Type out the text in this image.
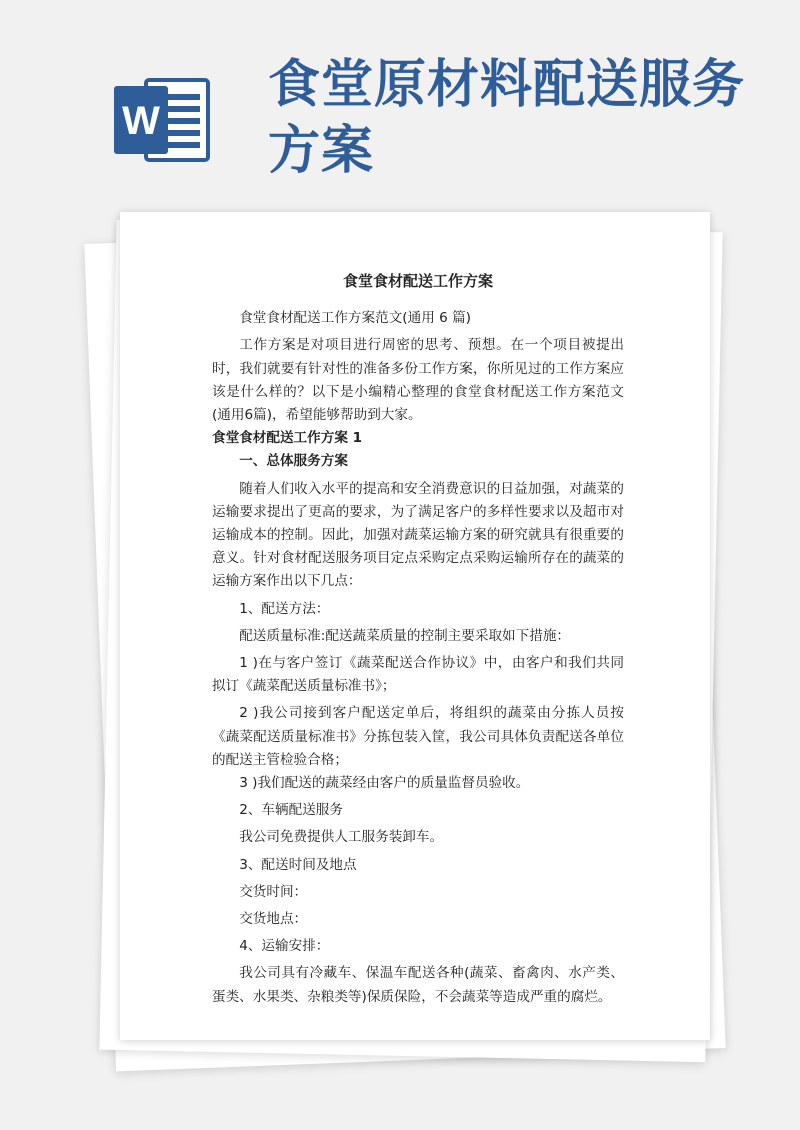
W
食堂原材料配送服务方案

食堂食材配送工作方案

食堂食材配送工作方案范文(通用 6 篇)

工作方案是对项目进行周密的思考、预想。在一个项目被提出时，我们就要有针对性的准备多份工作方案，你所见过的工作方案应该是什么样的？以下是小编精心整理的食堂食材配送工作方案范文(通用6篇)，希望能够帮助到大家。

食堂食材配送工作方案 1

一、总体服务方案

随着人们收入水平的提高和安全消费意识的日益加强，对蔬菜的运输要求提出了更高的要求，为了满足客户的多样性要求以及超市对运输成本的控制。因此，加强对蔬菜运输方案的研究就具有很重要的意义。针对食材配送服务项目定点采购定点采购运输所存在的蔬菜的运输方案作出以下几点：

1、配送方法：

配送质量标准:配送蔬菜质量的控制主要采取如下措施：

1 )在与客户签订《蔬菜配送合作协议》中，由客户和我们共同拟订《蔬菜配送质量标准书》；

2 )我公司接到客户配送定单后，将组织的蔬菜由分拣人员按《蔬菜配送质量标准书》分拣包装入筐，我公司具体负责配送各单位的配送主管检验合格；

3 )我们配送的蔬菜经由客户的质量监督员验收。

2、车辆配送服务

我公司免费提供人工服务装卸车。

3、配送时间及地点

交货时间：

交货地点：

4、运输安排：

我公司具有冷藏车、保温车配送各种(蔬菜、畜禽肉、水产类、蛋类、水果类、杂粮类等)保质保险，不会蔬菜等造成严重的腐烂。
